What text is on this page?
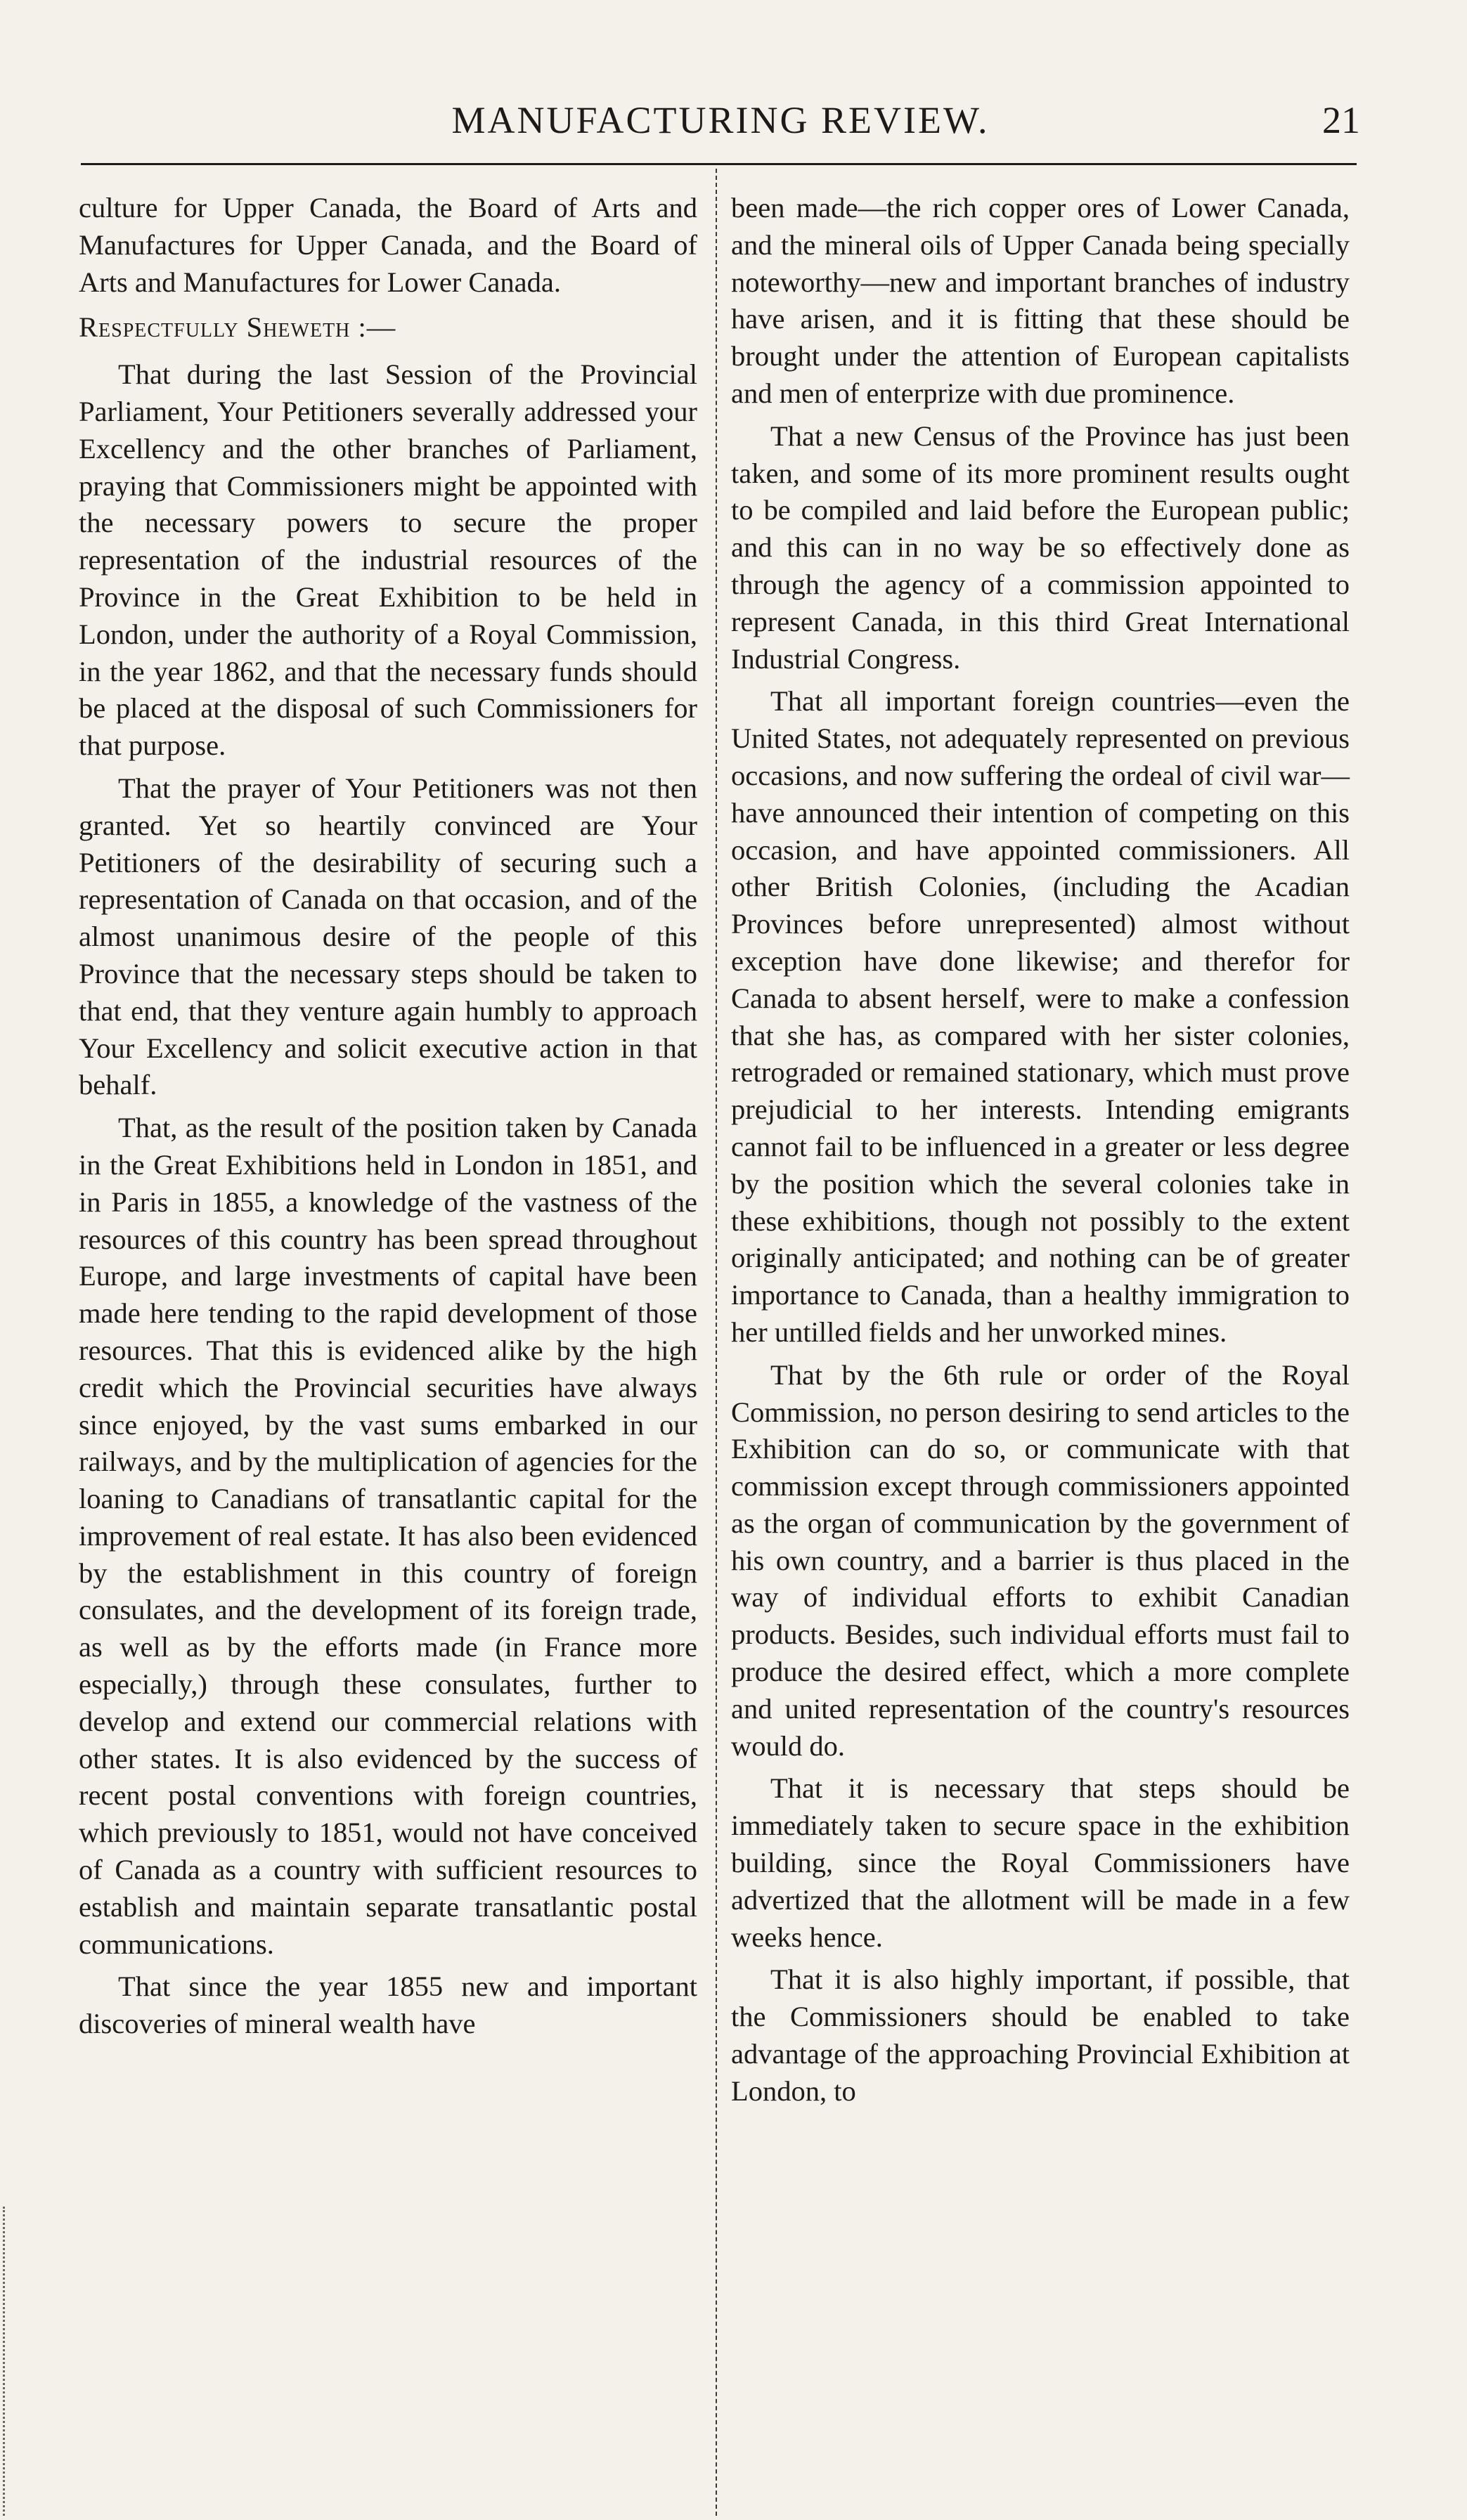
MANUFACTURING REVIEW.	21

culture for Upper Canada, the Board of Arts and Manufactures for Upper Canada, and the Board of Arts and Manufactures for Lower Canada.

Respectfully Sheweth :—

That during the last Session of the Provincial Parliament, Your Petitioners severally addressed your Excellency and the other branches of Parliament, praying that Commissioners might be appointed with the necessary powers to secure the proper representation of the industrial resources of the Province in the Great Exhibition to be held in London, under the authority of a Royal Commission, in the year 1862, and that the necessary funds should be placed at the disposal of such Commissioners for that purpose.

That the prayer of Your Petitioners was not then granted. Yet so heartily convinced are Your Petitioners of the desirability of securing such a representation of Canada on that occasion, and of the almost unanimous desire of the people of this Province that the necessary steps should be taken to that end, that they venture again humbly to approach Your Excellency and solicit executive action in that behalf.

That, as the result of the position taken by Canada in the Great Exhibitions held in London in 1851, and in Paris in 1855, a knowledge of the vastness of the resources of this country has been spread throughout Europe, and large investments of capital have been made here tending to the rapid development of those resources. That this is evidenced alike by the high credit which the Provincial securities have always since enjoyed, by the vast sums embarked in our railways, and by the multiplication of agencies for the loaning to Canadians of transatlantic capital for the improvement of real estate. It has also been evidenced by the establishment in this country of foreign consulates, and the development of its foreign trade, as well as by the efforts made (in France more especially,) through these consulates, further to develop and extend our commercial relations with other states. It is also evidenced by the success of recent postal conventions with foreign countries, which previously to 1851, would not have conceived of Canada as a country with sufficient resources to establish and maintain separate transatlantic postal communications.

That since the year 1855 new and important discoveries of mineral wealth have

been made—the rich copper ores of Lower Canada, and the mineral oils of Upper Canada being specially noteworthy—new and important branches of industry have arisen, and it is fitting that these should be brought under the attention of European capitalists and men of enterprize with due prominence.

That a new Census of the Province has just been taken, and some of its more prominent results ought to be compiled and laid before the European public; and this can in no way be so effectively done as through the agency of a commission appointed to represent Canada, in this third Great International Industrial Congress.

That all important foreign countries—even the United States, not adequately represented on previous occasions, and now suffering the ordeal of civil war—have announced their intention of competing on this occasion, and have appointed commissioners. All other British Colonies, (including the Acadian Provinces before unrepresented) almost without exception have done likewise; and therefor for Canada to absent herself, were to make a confession that she has, as compared with her sister colonies, retrograded or remained stationary, which must prove prejudicial to her interests. Intending emigrants cannot fail to be influenced in a greater or less degree by the position which the several colonies take in these exhibitions, though not possibly to the extent originally anticipated; and nothing can be of greater importance to Canada, than a healthy immigration to her untilled fields and her unworked mines.

That by the 6th rule or order of the Royal Commission, no person desiring to send articles to the Exhibition can do so, or communicate with that commission except through commissioners appointed as the organ of communication by the government of his own country, and a barrier is thus placed in the way of individual efforts to exhibit Canadian products. Besides, such individual efforts must fail to produce the desired effect, which a more complete and united representation of the country's resources would do.

That it is necessary that steps should be immediately taken to secure space in the exhibition building, since the Royal Commissioners have advertized that the allotment will be made in a few weeks hence.

That it is also highly important, if possible, that the Commissioners should be enabled to take advantage of the approaching Provincial Exhibition at London, to
